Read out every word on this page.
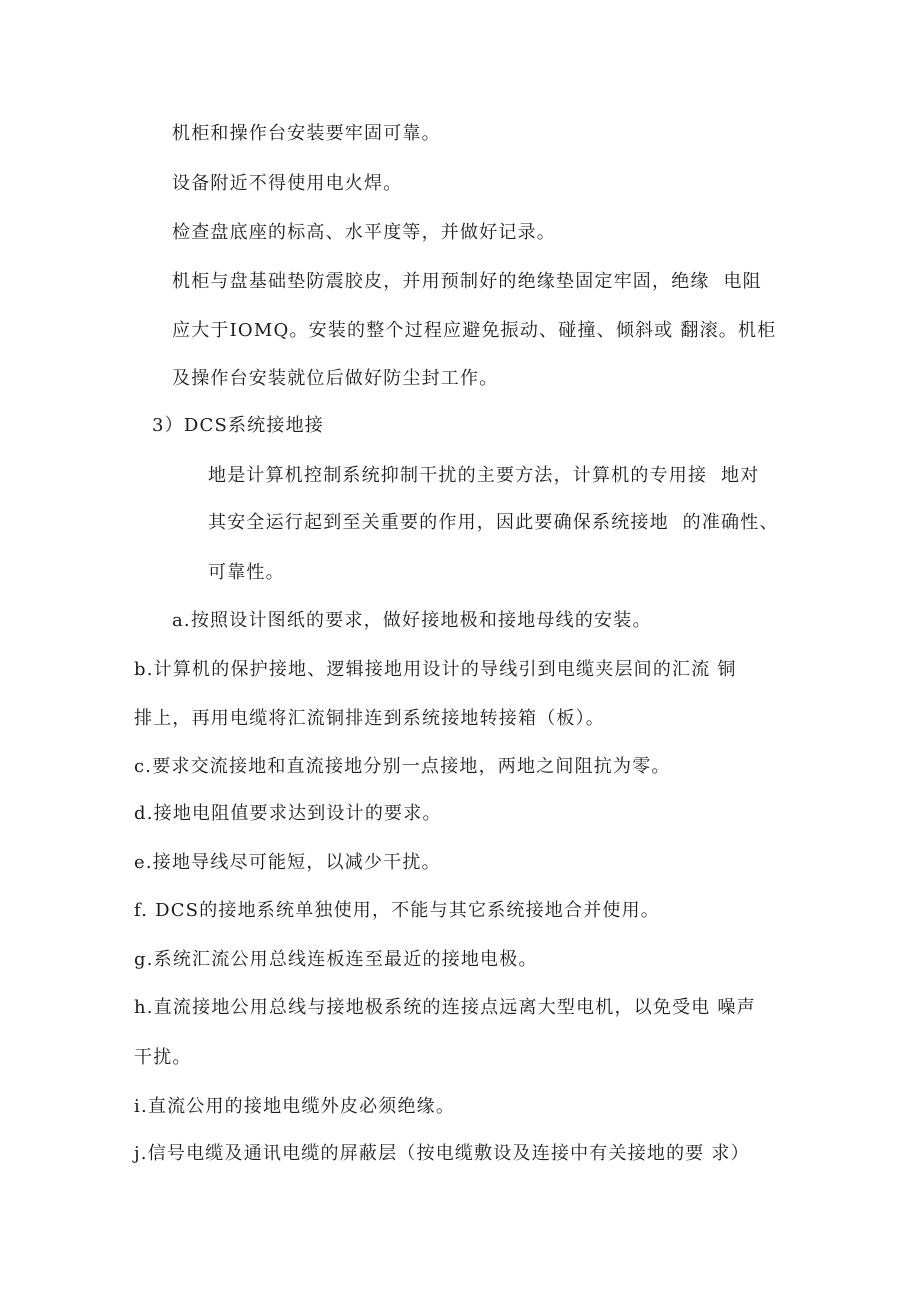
机柜和操作台安装要牢固可靠。

设备附近不得使用电火焊。

检查盘底座的标高、水平度等，并做好记录。

机柜与盘基础垫防震胶皮，并用预制好的绝缘垫固定牢固，绝缘  电阻

应大于IOMQ。安装的整个过程应避免振动、碰撞、倾斜或 翻滚。机柜

及操作台安装就位后做好防尘封工作。

3）DCS系统接地接

地是计算机控制系统抑制干扰的主要方法，计算机的专用接  地对

其安全运行起到至关重要的作用，因此要确保系统接地  的准确性、

可靠性。

a.按照设计图纸的要求，做好接地极和接地母线的安装。

b.计算机的保护接地、逻辑接地用设计的导线引到电缆夹层间的汇流 铜

排上，再用电缆将汇流铜排连到系统接地转接箱（板）。

c.要求交流接地和直流接地分别一点接地，两地之间阻抗为零。

d.接地电阻值要求达到设计的要求。

e.接地导线尽可能短，以减少干扰。

f. DCS的接地系统单独使用，不能与其它系统接地合并使用。

g.系统汇流公用总线连板连至最近的接地电极。

h.直流接地公用总线与接地极系统的连接点远离大型电机，以免受电 噪声

干扰。

i.直流公用的接地电缆外皮必须绝缘。

j.信号电缆及通讯电缆的屏蔽层（按电缆敷设及连接中有关接地的要 求）
